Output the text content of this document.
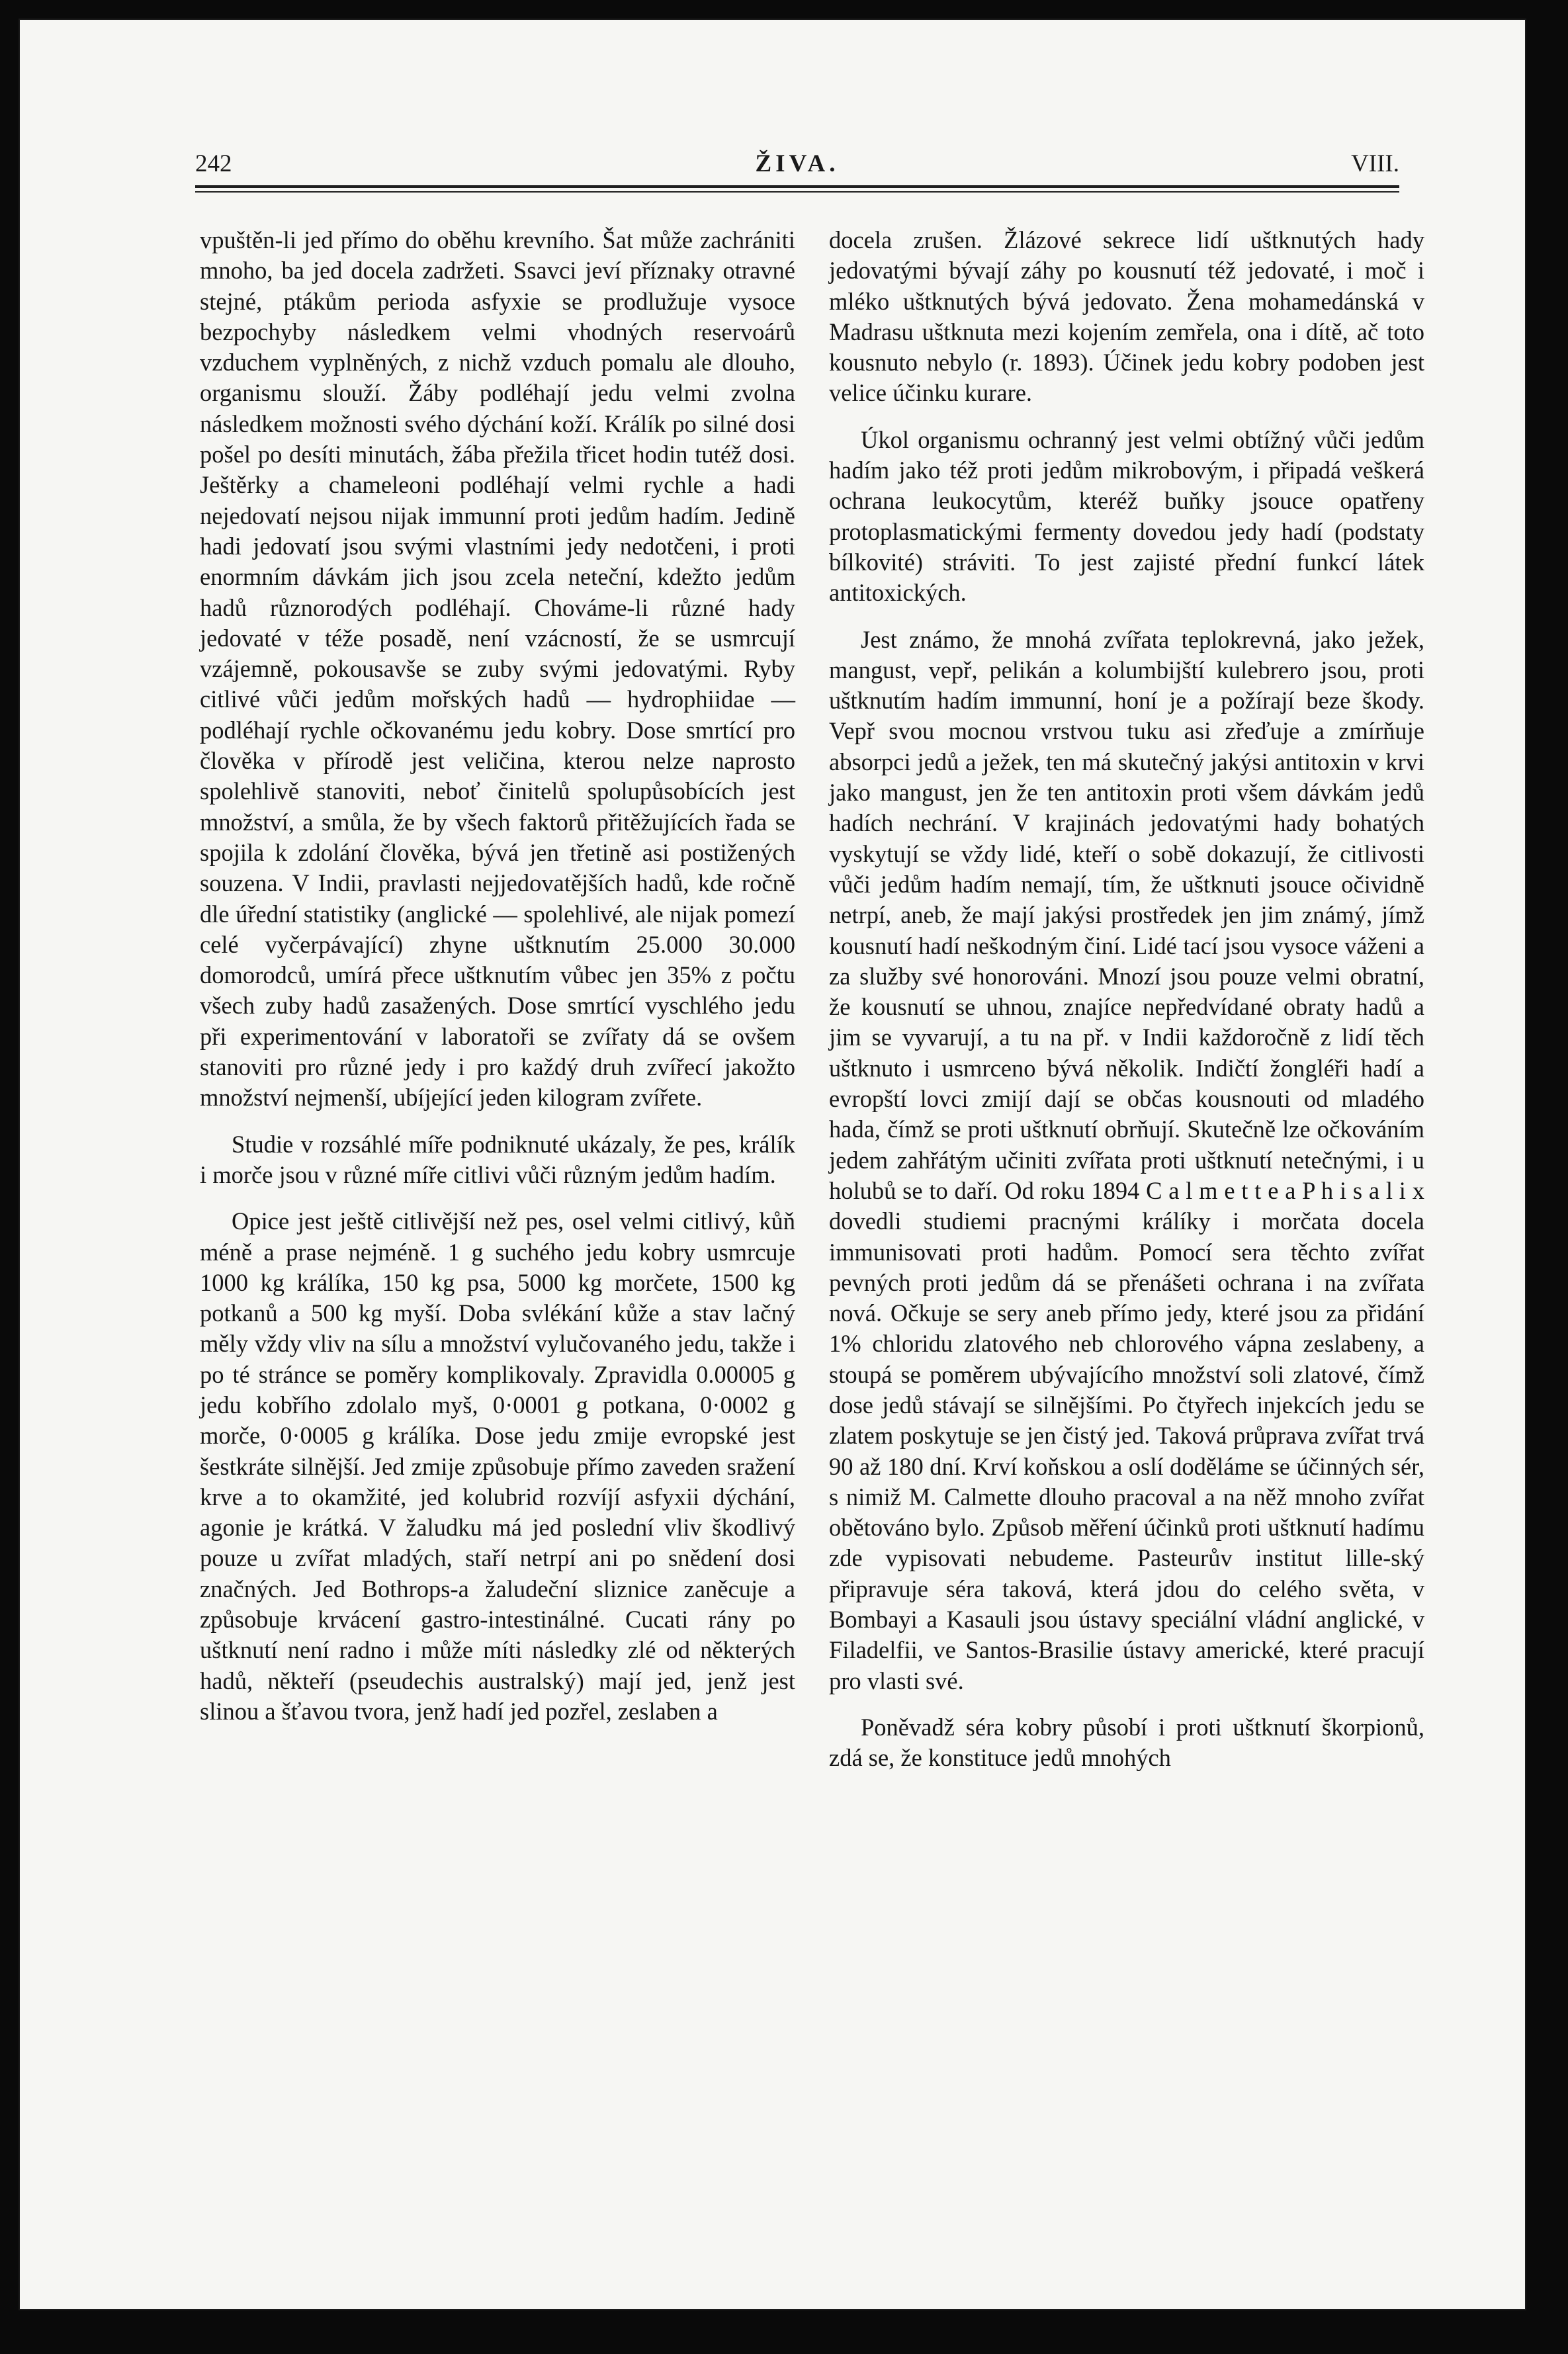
242	ŽIVA.	VIII.

vpuštěn-li jed přímo do oběhu krevního. Šat může zachrániti mnoho, ba jed docela zadržeti. Ssavci jeví příznaky otravné stejné, ptákům perioda asfyxie se prodlužuje vysoce bezpochyby následkem velmi vhodných reservoárů vzduchem vyplněných, z nichž vzduch pomalu ale dlouho, organismu slouží. Žáby podléhají jedu velmi zvolna následkem možnosti svého dýchání koží. Králík po silné dosi pošel po desíti minutách, žába přežila třicet hodin tutéž dosi. Ještěrky a chameleoni podléhají velmi rychle a hadi nejedovatí nejsou nijak immunní proti jedům hadím. Jedině hadi jedovatí jsou svými vlastními jedy nedotčeni, i proti enormním dávkám jich jsou zcela neteční, kdežto jedům hadů různorodých podléhají. Chováme-li různé hady jedovaté v téže posadě, není vzácností, že se usmrcují vzájemně, pokousavše se zuby svými jedovatými. Ryby citlivé vůči jedům mořských hadů — hydrophiidae — podléhají rychle očkovanému jedu kobry. Dose smrtící pro člověka v přírodě jest veličina, kterou nelze naprosto spolehlivě stanoviti, neboť činitelů spolupůsobících jest množství, a smůla, že by všech faktorů přitěžujících řada se spojila k zdolání člověka, bývá jen třetině asi postižených souzena. V Indii, pravlasti nejjedovatějších hadů, kde ročně dle úřední statistiky (anglické — spolehlivé, ale nijak pomezí celé vyčerpávající) zhyne uštknutím 25.000 30.000 domorodců, umírá přece uštknutím vůbec jen 35% z počtu všech zuby hadů zasažených. Dose smrtící vyschlého jedu při experimentování v laboratoři se zvířaty dá se ovšem stanoviti pro různé jedy i pro každý druh zvířecí jakožto množství nejmenší, ubíjející jeden kilogram zvířete.

Studie v rozsáhlé míře podniknuté ukázaly, že pes, králík i morče jsou v různé míře citlivi vůči různým jedům hadím.

Opice jest ještě citlivější než pes, osel velmi citlivý, kůň méně a prase nejméně. 1 g suchého jedu kobry usmrcuje 1000 kg králíka, 150 kg psa, 5000 kg morčete, 1500 kg potkanů a 500 kg myší. Doba svlékání kůže a stav lačný měly vždy vliv na sílu a množství vylučovaného jedu, takže i po té stránce se poměry komplikovaly. Zpravidla 0.00005 g jedu kobřího zdolalo myš, 0·0001 g potkana, 0·0002 g morče, 0·0005 g králíka. Dose jedu zmije evropské jest šestkráte silnější. Jed zmije způsobuje přímo zaveden sražení krve a to okamžité, jed kolubrid rozvíjí asfyxii dýchání, agonie je krátká. V žaludku má jed poslední vliv škodlivý pouze u zvířat mladých, staří netrpí ani po snědení dosi značných. Jed Bothrops-a žaludeční sliznice zaněcuje a způsobuje krvácení gastro-intestinálné. Cucati rány po uštknutí není radno i může míti následky zlé od některých hadů, někteří (pseudechis australský) mají jed, jenž jest slinou a šťavou tvora, jenž hadí jed pozřel, zeslaben a

docela zrušen. Žlázové sekrece lidí uštknutých hady jedovatými bývají záhy po kousnutí též jedovaté, i moč i mléko uštknutých bývá jedovato. Žena mohamedánská v Madrasu uštknuta mezi kojením zemřela, ona i dítě, ač toto kousnuto nebylo (r. 1893). Účinek jedu kobry podoben jest velice účinku kurare.

Úkol organismu ochranný jest velmi obtížný vůči jedům hadím jako též proti jedům mikrobovým, i připadá veškerá ochrana leukocytům, kteréž buňky jsouce opatřeny protoplasmatickými fermenty dovedou jedy hadí (podstaty bílkovité) stráviti. To jest zajisté přední funkcí látek antitoxických.

Jest známo, že mnohá zvířata teplokrevná, jako ježek, mangust, vepř, pelikán a kolumbijští kulebrero jsou, proti uštknutím hadím immunní, honí je a požírají beze škody. Vepř svou mocnou vrstvou tuku asi zřeďuje a zmírňuje absorpci jedů a ježek, ten má skutečný jakýsi antitoxin v krvi jako mangust, jen že ten antitoxin proti všem dávkám jedů hadích nechrání. V krajinách jedovatými hady bohatých vyskytují se vždy lidé, kteří o sobě dokazují, že citlivosti vůči jedům hadím nemají, tím, že uštknuti jsouce očividně netrpí, aneb, že mají jakýsi prostředek jen jim známý, jímž kousnutí hadí neškodným činí. Lidé tací jsou vysoce váženi a za služby své honorováni. Mnozí jsou pouze velmi obratní, že kousnutí se uhnou, znajíce nepředvídané obraty hadů a jim se vyvarují, a tu na př. v Indii každoročně z lidí těch uštknuto i usmrceno bývá několik. Indičtí žongléři hadí a evropští lovci zmijí dají se občas kousnouti od mladého hada, čímž se proti uštknutí obrňují. Skutečně lze očkováním jedem zahřátým učiniti zvířata proti uštknutí netečnými, i u holubů se to daří. Od roku 1894 C a l m e t t e a P h i s a l i x dovedli studiemi pracnými králíky i morčata docela immunisovati proti hadům. Pomocí sera těchto zvířat pevných proti jedům dá se přenášeti ochrana i na zvířata nová. Očkuje se sery aneb přímo jedy, které jsou za přidání 1% chloridu zlatového neb chlorového vápna zeslabeny, a stoupá se poměrem ubývajícího množství soli zlatové, čímž dose jedů stávají se silnějšími. Po čtyřech injekcích jedu se zlatem poskytuje se jen čistý jed. Taková průprava zvířat trvá 90 až 180 dní. Krví koňskou a oslí doděláme se účinných sér, s nimiž M. Calmette dlouho pracoval a na něž mnoho zvířat obětováno bylo. Způsob měření účinků proti uštknutí hadímu zde vypisovati nebudeme. Pasteurův institut lille-ský připravuje séra taková, která jdou do celého světa, v Bombayi a Kasauli jsou ústavy speciální vládní anglické, v Filadelfii, ve Santos-Brasilie ústavy americké, které pracují pro vlasti své.

Poněvadž séra kobry působí i proti uštknutí škorpionů, zdá se, že konstituce jedů mnohých
